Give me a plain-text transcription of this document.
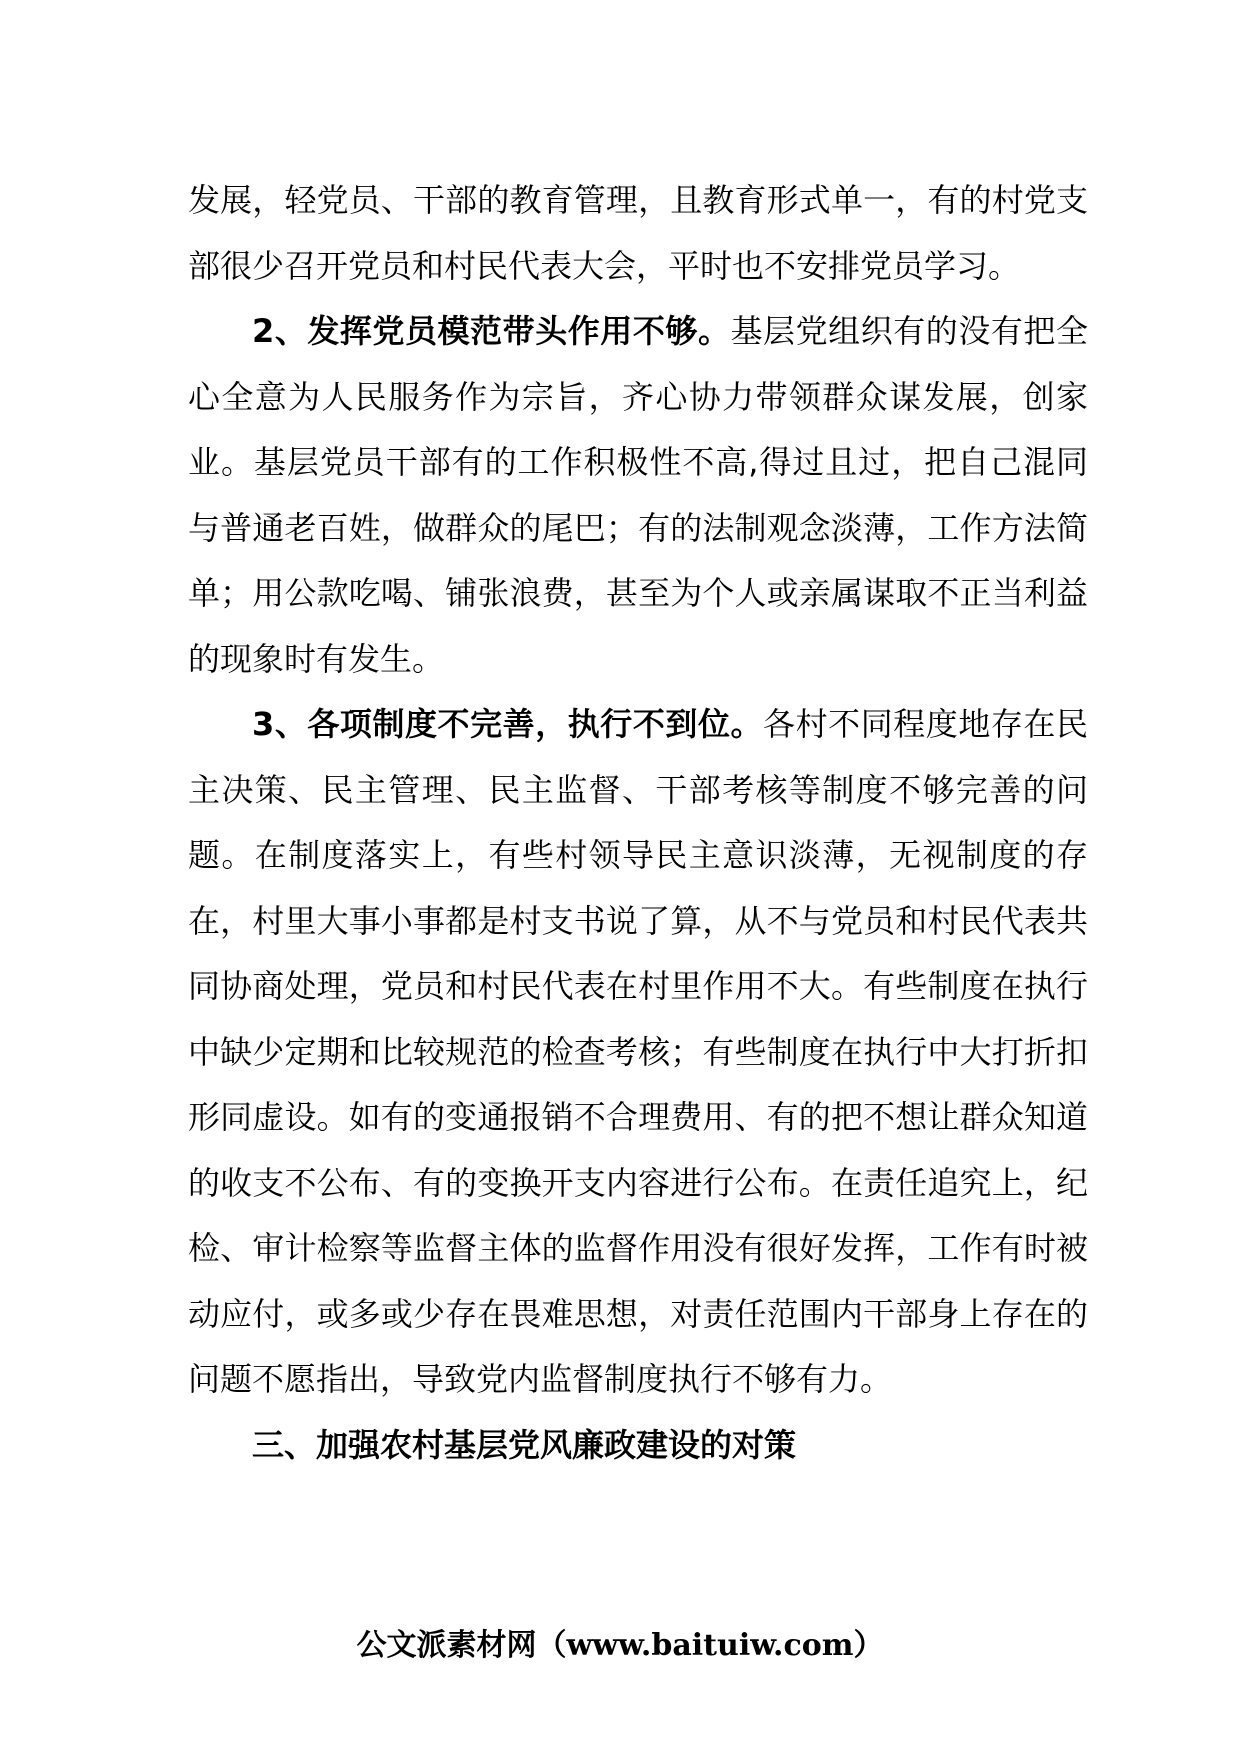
发展，轻党员、干部的教育管理，且教育形式单一，有的村党支部很少召开党员和村民代表大会，平时也不安排党员学习。

2、发挥党员模范带头作用不够。基层党组织有的没有把全心全意为人民服务作为宗旨，齐心协力带领群众谋发展，创家业。基层党员干部有的工作积极性不高,得过且过，把自己混同与普通老百姓，做群众的尾巴；有的法制观念淡薄，工作方法简单；用公款吃喝、铺张浪费，甚至为个人或亲属谋取不正当利益的现象时有发生。

3、各项制度不完善，执行不到位。各村不同程度地存在民主决策、民主管理、民主监督、干部考核等制度不够完善的问题。在制度落实上，有些村领导民主意识淡薄，无视制度的存在，村里大事小事都是村支书说了算，从不与党员和村民代表共同协商处理，党员和村民代表在村里作用不大。有些制度在执行中缺少定期和比较规范的检查考核；有些制度在执行中大打折扣形同虚设。如有的变通报销不合理费用、有的把不想让群众知道的收支不公布、有的变换开支内容进行公布。在责任追究上，纪检、审计检察等监督主体的监督作用没有很好发挥，工作有时被动应付，或多或少存在畏难思想，对责任范围内干部身上存在的问题不愿指出，导致党内监督制度执行不够有力。

三、加强农村基层党风廉政建设的对策

公文派素材网（www.baituiw.com）
